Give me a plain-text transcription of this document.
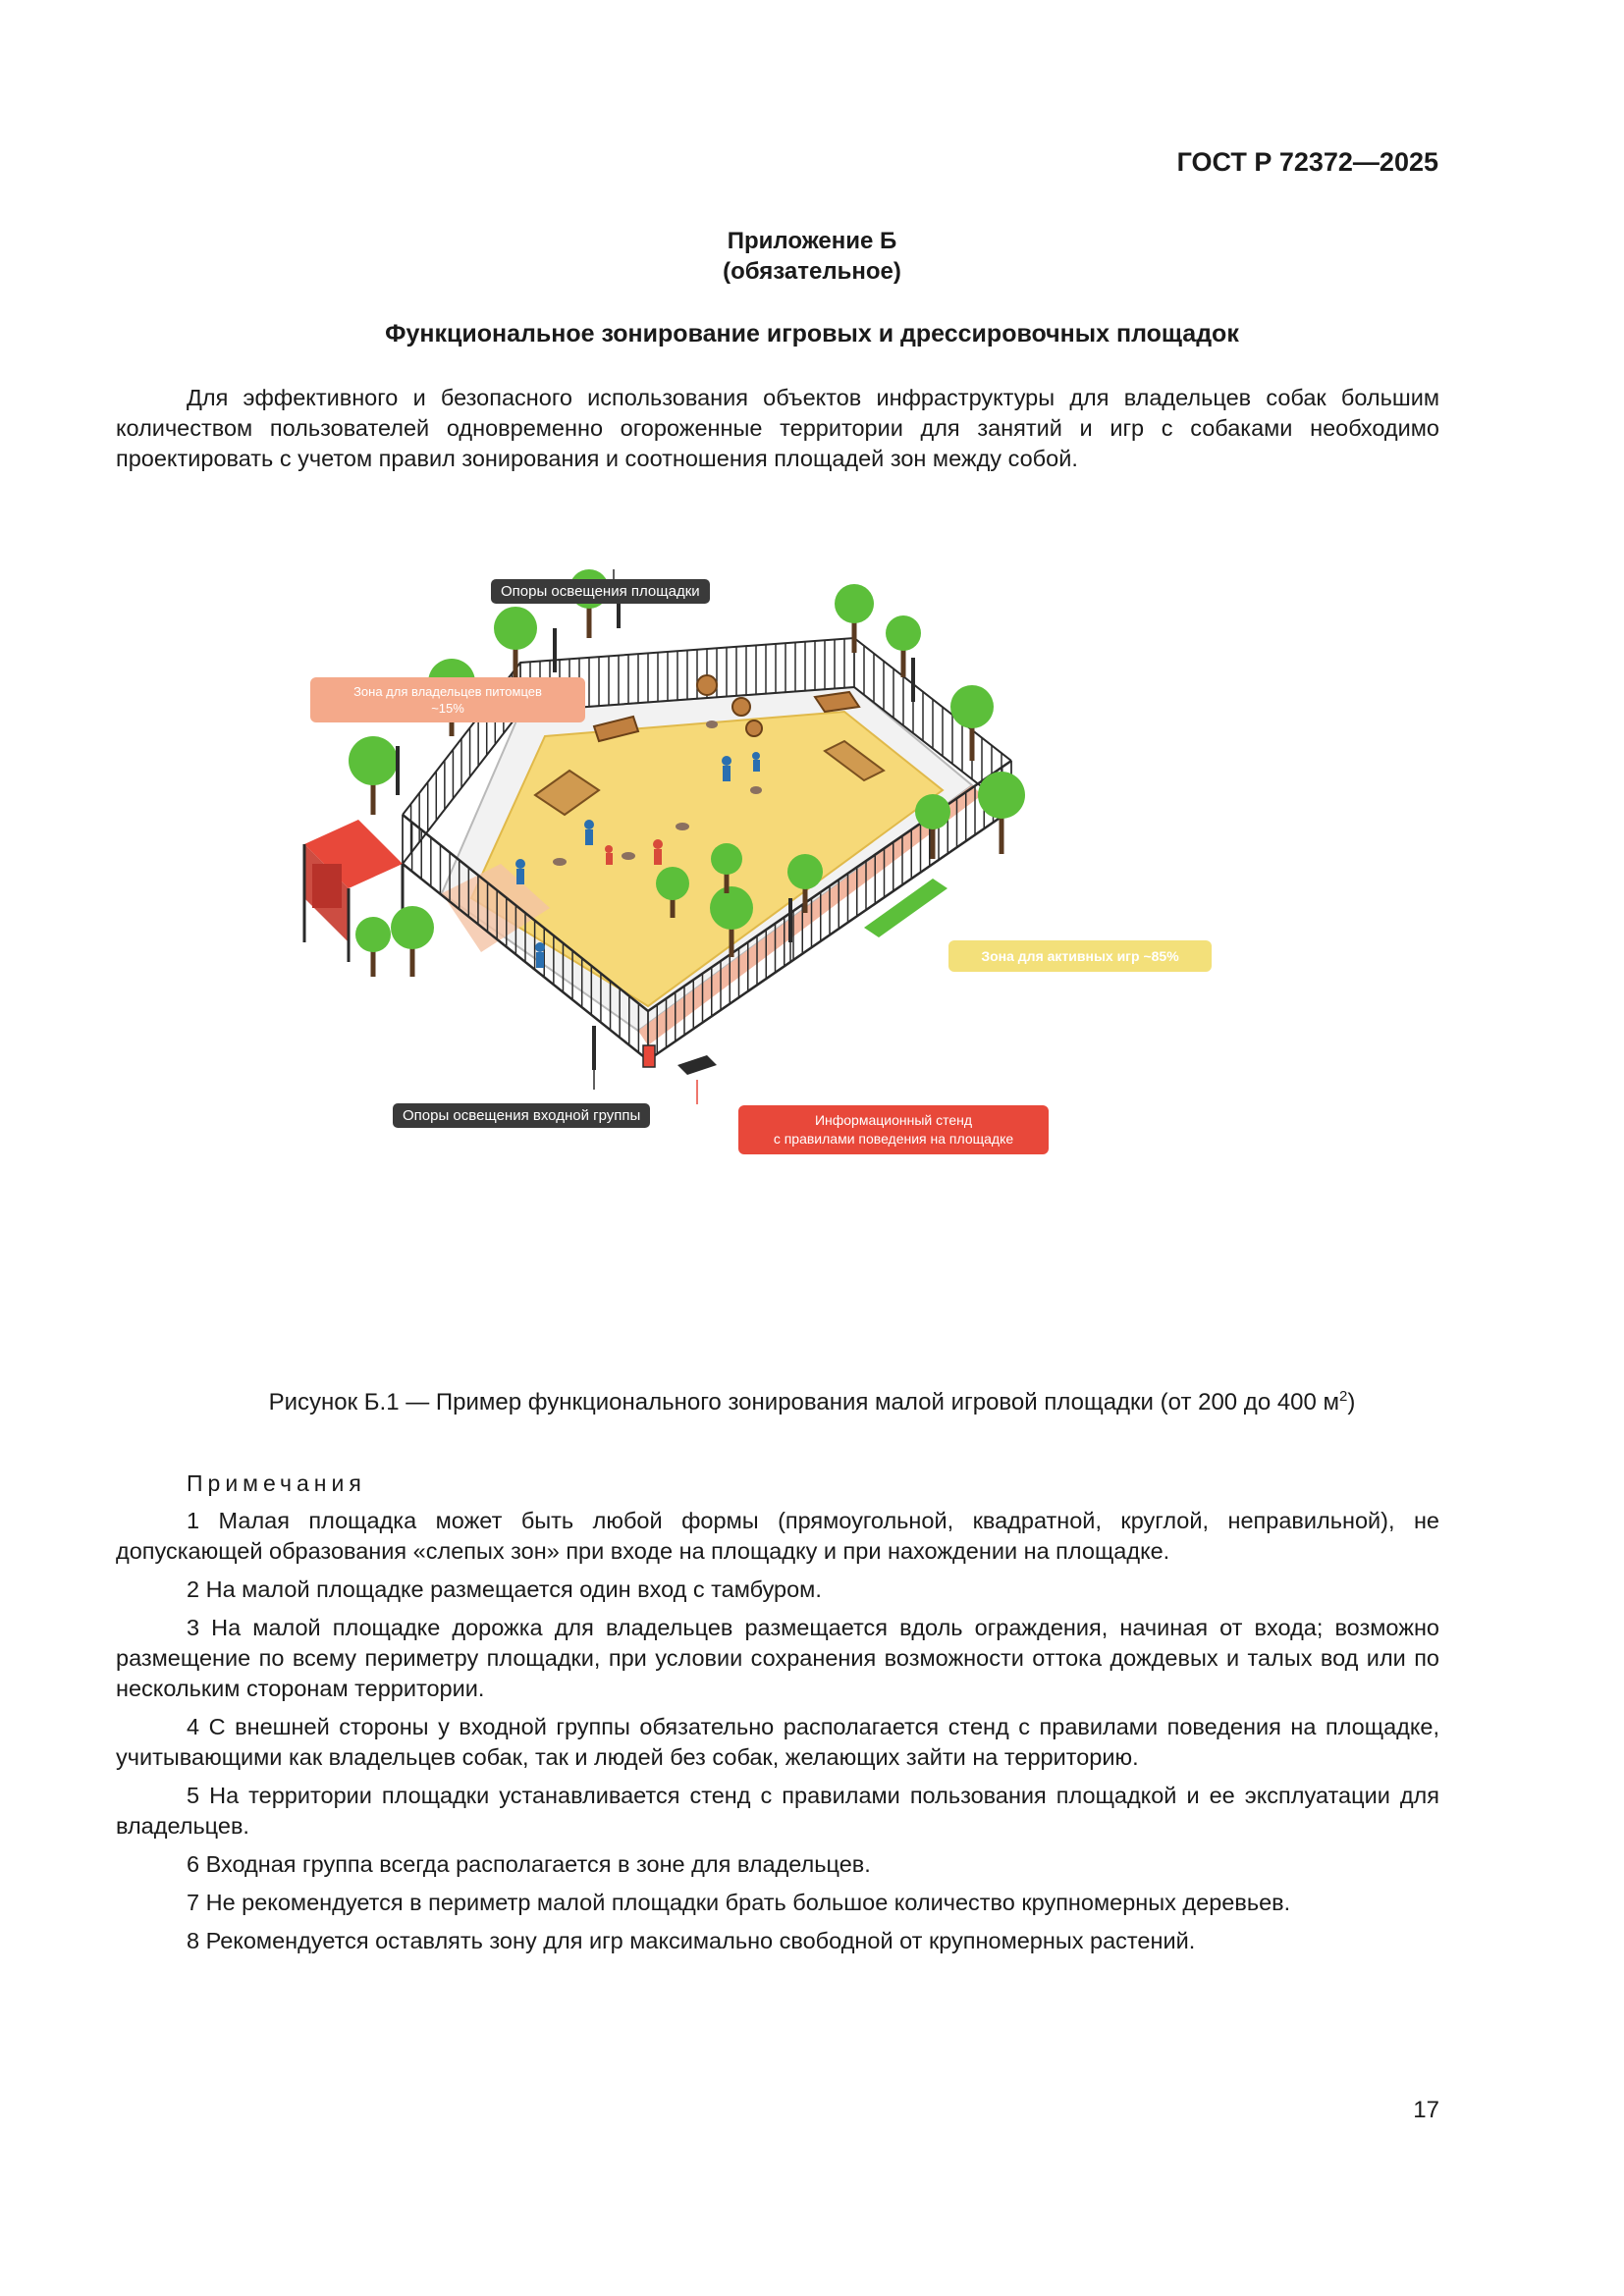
ГОСТ Р 72372—2025
Приложение Б
(обязательное)
Функциональное зонирование игровых и дрессировочных площадок

Для эффективного и безопасного использования объектов инфраструктуры для владельцев собак большим количеством пользователей одновременно огороженные территории для занятий и игр с собаками необходимо проектировать с учетом правил зонирования и соотношения площадей зон между собой.

Опоры освещения площадки
Зона для владельцев питомцев
~15%
Зона для активных игр ~85%
Опоры освещения входной группы	Информационный стенд
с правилами поведения на площадке
Рисунок Б.1 — Пример функционального зонирования малой игровой площадки (от 200 до 400 $м^2$)
Примечания

1 Малая площадка может быть любой формы (прямоугольной, квадратной, круглой, неправильной), не допускающей образования «слепых зон» при входе на площадку и при нахождении на площадке.

2 На малой площадке размещается один вход с тамбуром.

3 На малой площадке дорожка для владельцев размещается вдоль ограждения, начиная от входа; возможно размещение по всему периметру площадки, при условии сохранения возможности оттока дождевых и талых вод или по нескольким сторонам территории.

4 С внешней стороны у входной группы обязательно располагается стенд с правилами поведения на площадке, учитывающими как владельцев собак, так и людей без собак, желающих зайти на территорию.

5 На территории площадки устанавливается стенд с правилами пользования площадкой и ее эксплуатации для владельцев.

6 Входная группа всегда располагается в зоне для владельцев.

7 Не рекомендуется в периметр малой площадки брать большое количество крупномерных деревьев.

8 Рекомендуется оставлять зону для игр максимально свободной от крупномерных растений.

17
